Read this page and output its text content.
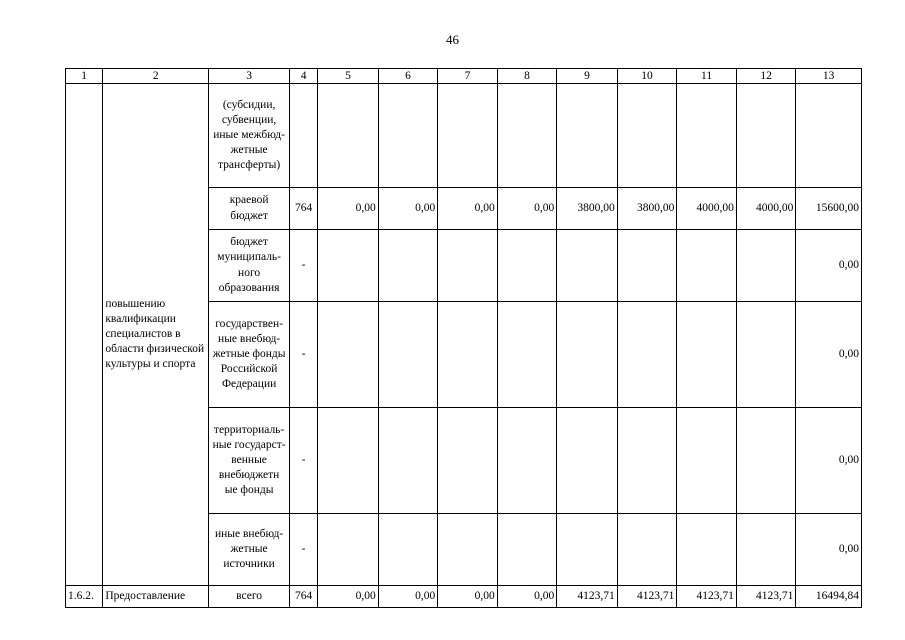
46
1	2	3	4	5	6	7	8	9	10	11	12	13
	повышению квалификации специалистов в области физической культуры и спорта	(субсидии, субвенции, иные межбюд-жетные трансферты)										
		краевой бюджет	764	0,00	0,00	0,00	0,00	3800,00	3800,00	4000,00	4000,00	15600,00
		бюджет муниципаль-ного образования	-									0,00
		государствен-ные внебюд-жетные фонды Российской Федерации	-									0,00
		территориаль-ные государст-венные внебюджетн ые фонды	-									0,00
		иные внебюд-жетные источники	-									0,00
1.6.2.	Предоставление	всего	764	0,00	0,00	0,00	0,00	4123,71	4123,71	4123,71	4123,71	16494,84
